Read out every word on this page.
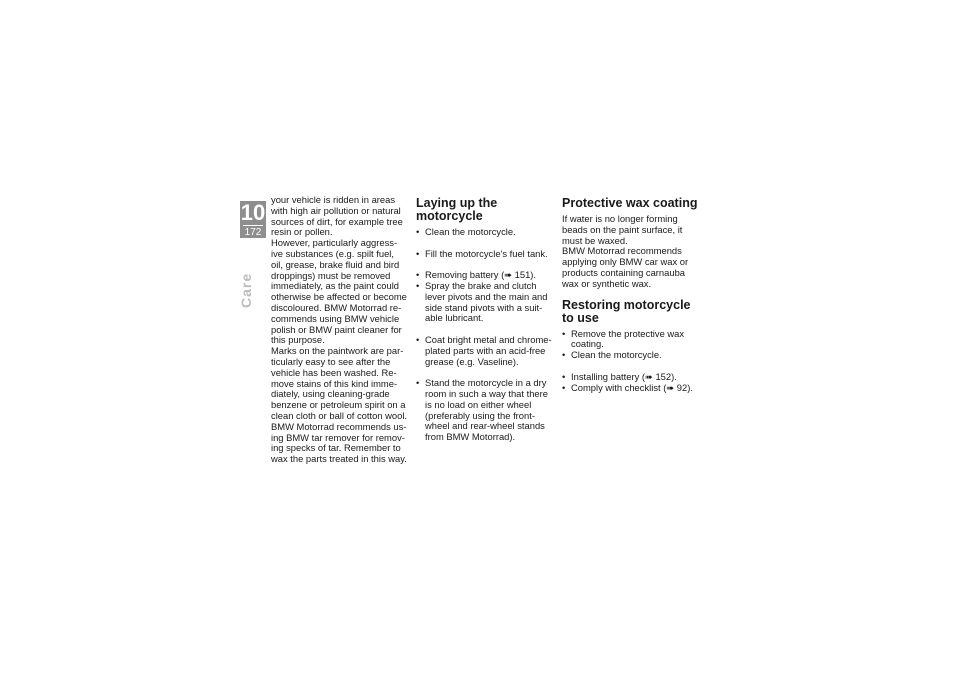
10
172
Care

your vehicle is ridden in areas
with high air pollution or natural
sources of dirt, for example tree
resin or pollen.

However, particularly aggress-
ive substances (e.g. spilt fuel,
oil, grease, brake fluid and bird
droppings) must be removed
immediately, as the paint could
otherwise be affected or become
discoloured. BMW Motorrad re-
commends using BMW vehicle
polish or BMW paint cleaner for
this purpose.

Marks on the paintwork are par-
ticularly easy to see after the
vehicle has been washed. Re-
move stains of this kind imme-
diately, using cleaning-grade
benzene or petroleum spirit on a
clean cloth or ball of cotton wool.
BMW Motorrad recommends us-
ing BMW tar remover for remov-
ing specks of tar. Remember to
wax the parts treated in this way.

Laying up the
motorcycle
• Clean the motorcycle.
• Fill the motorcycle's fuel tank.
• Removing battery (➠ 151).
• Spray the brake and clutch
lever pivots and the main and
side stand pivots with a suit-
able lubricant.
• Coat bright metal and chrome-
plated parts with an acid-free
grease (e.g. Vaseline).
• Stand the motorcycle in a dry
room in such a way that there
is no load on either wheel
(preferably using the front-
wheel and rear-wheel stands
from BMW Motorrad).
Protective wax coating

If water is no longer forming
beads on the paint surface, it
must be waxed.

BMW Motorrad recommends
applying only BMW car wax or
products containing carnauba
wax or synthetic wax.

Restoring motorcycle
to use
• Remove the protective wax
coating.
• Clean the motorcycle.
• Installing battery (➠ 152).
• Comply with checklist (➠ 92).
